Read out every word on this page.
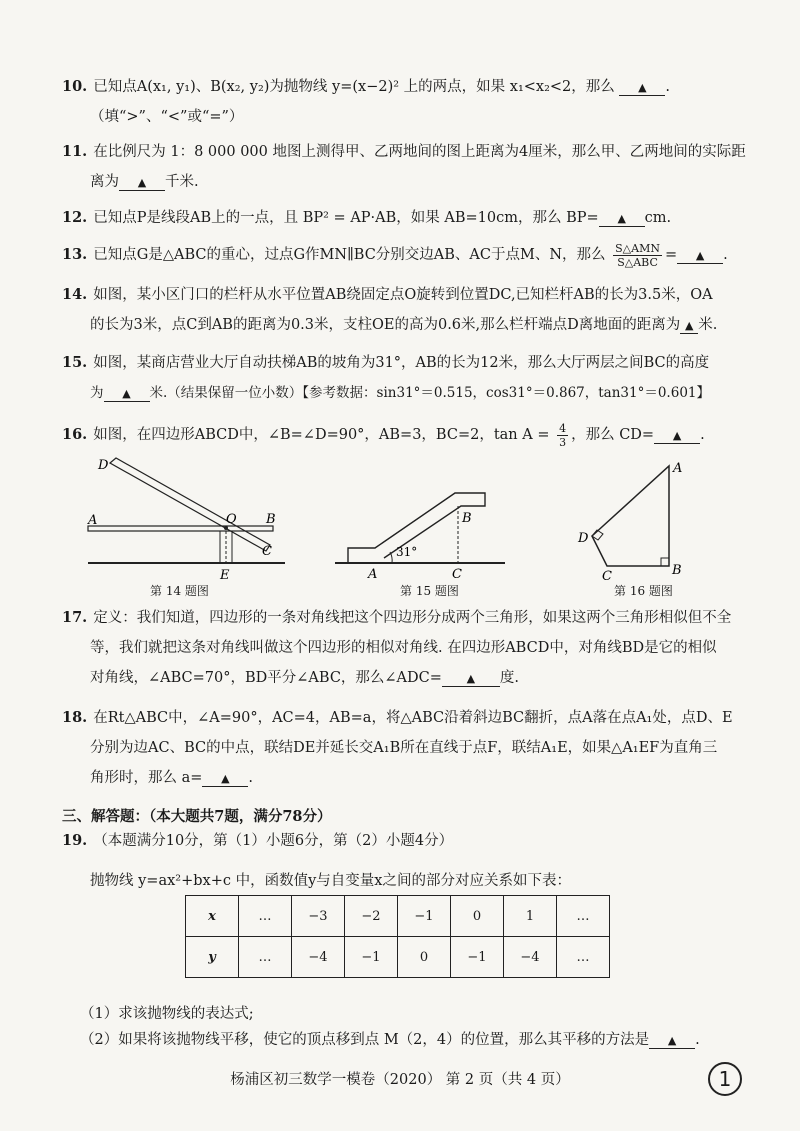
10. 已知点A(x₁, y₁)、B(x₂, y₂)为抛物线 y=(x−2)² 上的两点，如果 x₁<x₂<2，那么 ▲ .
（填“>”、“<”或“=”）
11. 在比例尺为 1：8 000 000 地图上测得甲、乙两地间的图上距离为4厘米，那么甲、乙两地间的实际距
离为 ▲ 千米.
12. 已知点P是线段AB上的一点，且 BP² = AP·AB，如果 AB=10cm，那么 BP= ▲ cm.
13. 已知点G是△ABC的重心，过点G作MN∥BC分别交边AB、AC于点M、N，那么 $\frac{\text{S△AMN}}{\text{S△ABC}}$ = ▲ .
14. 如图，某小区门口的栏杆从水平位置AB绕固定点O旋转到位置DC,已知栏杆AB的长为3.5米，OA
的长为3米，点C到AB的距离为0.3米，支柱OE的高为0.6米,那么栏杆端点D离地面的距离为 ▲ 米.
15. 如图，某商店营业大厅自动扶梯AB的坡角为31°，AB的长为12米，那么大厅两层之间BC的高度
为 ▲ 米.（结果保留一位小数）【参考数据：sin31°＝0.515，cos31°＝0.867，tan31°＝0.601】
16. 如图，在四边形ABCD中，∠B=∠D=90°，AB=3，BC=2，$\tan A = \frac{4}{3}$ ，那么 CD= ▲ .
D
A	O B
C
E
第 14 题图
B
31°
A	C
第 15 题图
A
D
C	B
第 16 题图
17. 定义：我们知道，四边形的一条对角线把这个四边形分成两个三角形，如果这两个三角形相似但不全
等，我们就把这条对角线叫做这个四边形的相似对角线. 在四边形ABCD中，对角线BD是它的相似
对角线，∠ABC=70°，BD平分∠ABC，那么∠ADC= ▲ 度.
18. 在Rt△ABC中，∠A=90°，AC=4，AB=a，将△ABC沿着斜边BC翻折，点A落在点A₁处，点D、E
分别为边AC、BC的中点，联结DE并延长交A₁B所在直线于点F，联结A₁E，如果△A₁EF为直角三
角形时，那么 a= ▲ .
三、解答题：（本大题共7题，满分78分）
19. （本题满分10分，第（1）小题6分，第（2）小题4分）
抛物线 y=ax²+bx+c 中，函数值y与自变量x之间的部分对应关系如下表：
x	…	−3	−2	−1	0	1	…
y	…	−4	−1	0	−1	−4	…
（1）求该抛物线的表达式;
（2）如果将该抛物线平移，使它的顶点移到点 M（2，4）的位置，那么其平移的方法是 ▲ .
杨浦区初三数学一模卷（2020） 第 2 页（共 4 页）	1
